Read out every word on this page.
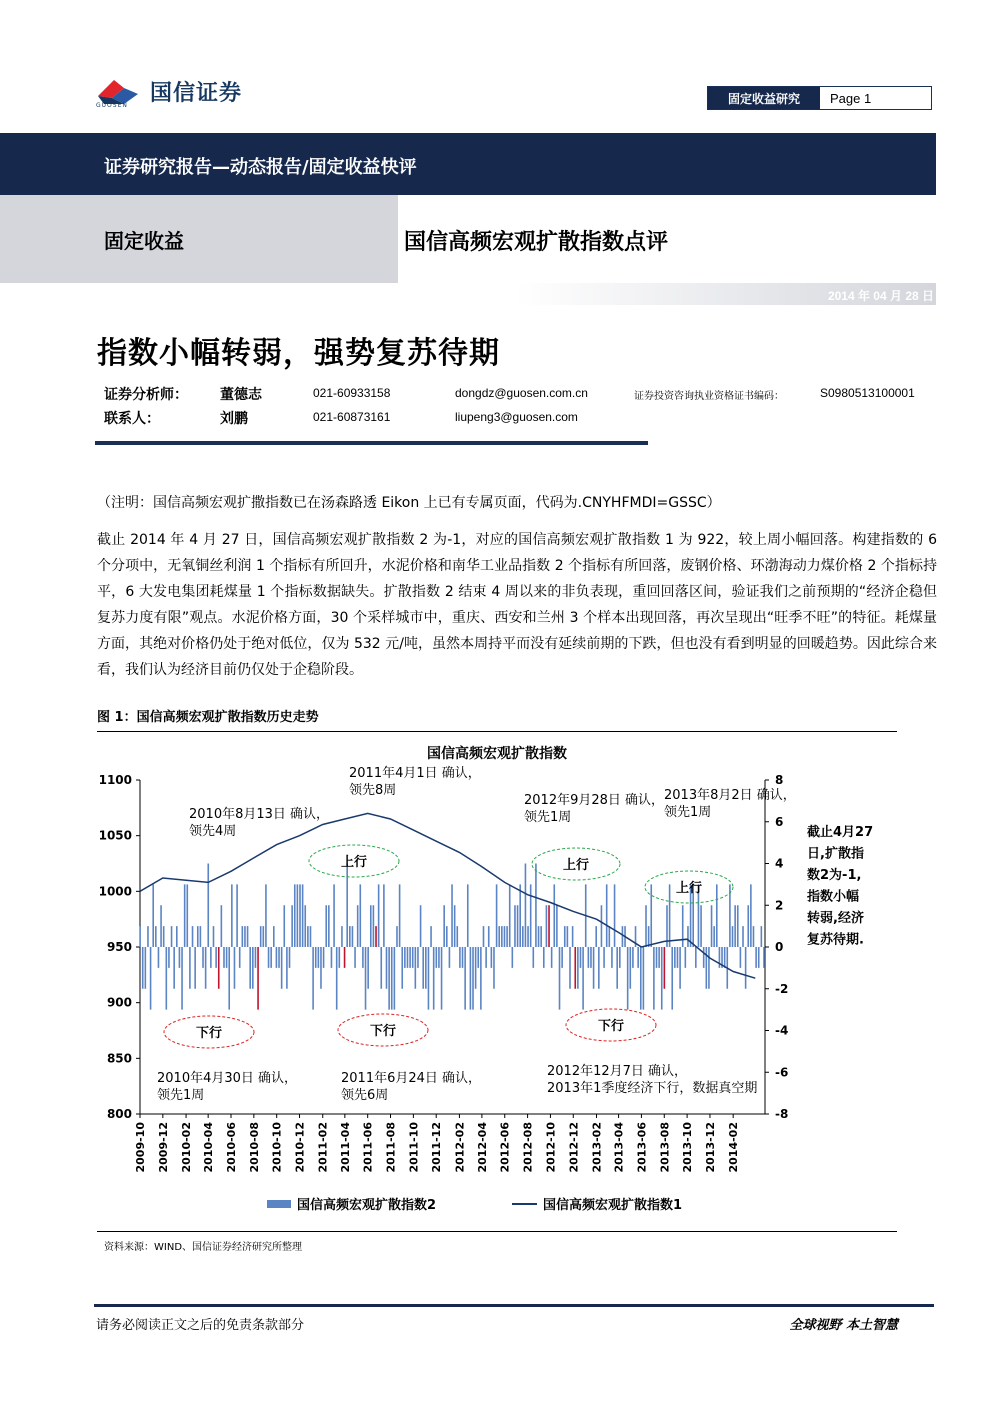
国信证券
GUOSEN	固定收益研究	Page 1
证券研究报告—动态报告/固定收益快评
固定收益	国信高频宏观扩散指数点评
2014 年 04 月 28 日
指数小幅转弱，强势复苏待期
证券分析师： 董德志	021-60933158	dongdz@guosen.com.cn	证券投资咨询执业资格证书编码：	S0980513100001
联系人：	刘鹏	021-60873161	liupeng3@guosen.com
（注明：国信高频宏观扩撒指数已在汤森路透 Eikon 上已有专属页面，代码为.CNYHFMDI=GSSC）
截止 2014 年 4 月 27 日，国信高频宏观扩散指数 2 为-1，对应的国信高频宏观扩散指数 1 为 922，较上周小幅回落。构建指数的 6 个分项中，无氧铜丝利润 1 个指标有所回升，水泥价格和南华工业品指数 2 个指标有所回落，废钢价格、环渤海动力煤价格 2 个指标持平，6 大发电集团耗煤量 1 个指标数据缺失。扩散指数 2 结束 4 周以来的非负表现，重回回落区间，验证我们之前预期的“经济企稳但复苏力度有限”观点。水泥价格方面，30 个采样城市中，重庆、西安和兰州 3 个样本出现回落，再次呈现出“旺季不旺”的特征。耗煤量方面，其绝对价格仍处于绝对低位，仅为 532 元/吨，虽然本周持平而没有延续前期的下跌，但也没有看到明显的回暖趋势。因此综合来看，我们认为经济目前仍仅处于企稳阶段。
图 1：国信高频宏观扩散指数历史走势
国信高频宏观扩散指数
1100
1050
1000
950
900
850
800
8
6
4
2
0
-2
-4
-6
-8
2009-10 2009-12 2010-02 2010-04 2010-06 2010-08 2010-10 2010-12 2011-02 2011-04 2011-06 2011-08 2011-10 2011-12 2012-02 2012-04 2012-06 2012-08 2012-10 2012-12 2013-02 2013-04 2013-06 2013-08 2013-10 2013-12 2014-02
上行	上行
上行
下行	下行	下行
2010年8月13日 确认，领先4周
2011年4月1日 确认，领先8周
2012年9月28日 确认，领先1周
2013年8月2日 确认，领先1周
2010年4月30日 确认，领先1周
2011年6月24日 确认，领先6周
2012年12月7日 确认， 2013年1季度经济下行，数据真空期
截止4月27
日,扩散指
数2为-1,
指数小幅
转弱,经济
复苏待期.
国信高频宏观扩散指数2	国信高频宏观扩散指数1
资料来源：WIND、国信证券经济研究所整理
请务必阅读正文之后的免责条款部分	全球视野 本土智慧
